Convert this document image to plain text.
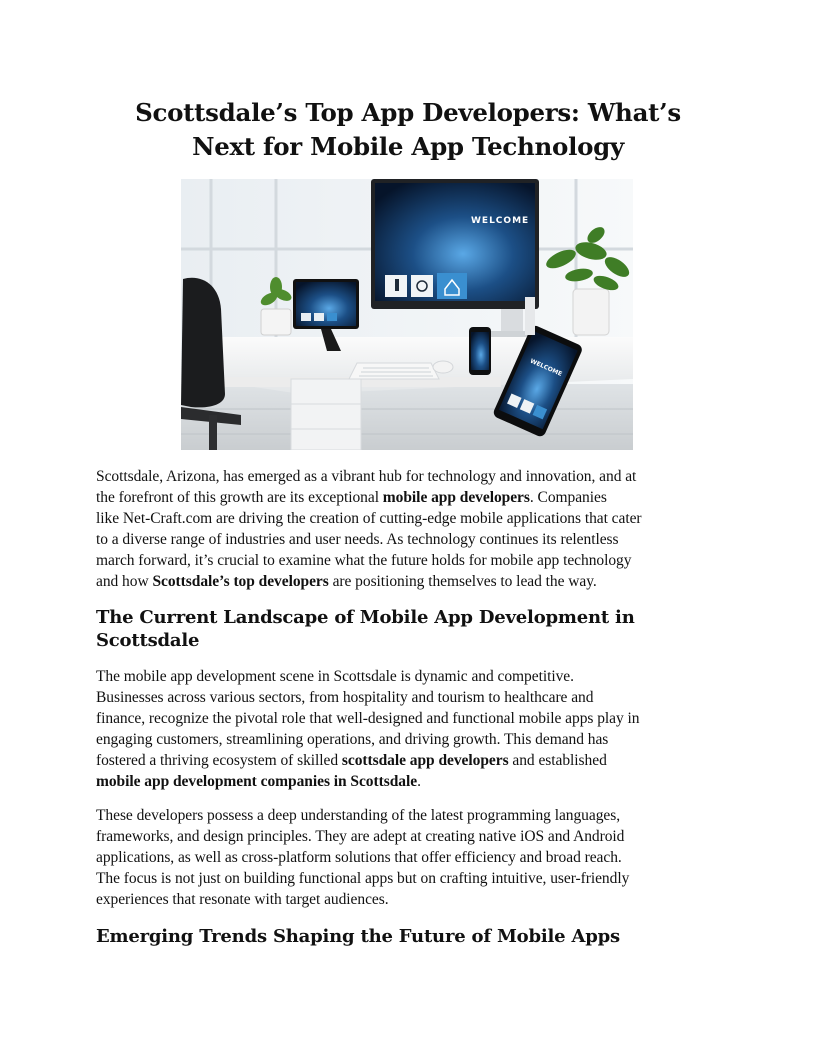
Scottsdale’s Top App Developers: What’s
Next for Mobile App Technology
WELCOME
WELCOME

Scottsdale, Arizona, has emerged as a vibrant hub for technology and innovation, and at
the forefront of this growth are its exceptional mobile app developers. Companies
like Net-Craft.com are driving the creation of cutting-edge mobile applications that cater
to a diverse range of industries and user needs. As technology continues its relentless
march forward, it’s crucial to examine what the future holds for mobile app technology
and how Scottsdale’s top developers are positioning themselves to lead the way.

The Current Landscape of Mobile App Development in
Scottsdale

The mobile app development scene in Scottsdale is dynamic and competitive.
Businesses across various sectors, from hospitality and tourism to healthcare and
finance, recognize the pivotal role that well-designed and functional mobile apps play in
engaging customers, streamlining operations, and driving growth. This demand has
fostered a thriving ecosystem of skilled scottsdale app developers and established
mobile app development companies in Scottsdale.

These developers possess a deep understanding of the latest programming languages,
frameworks, and design principles. They are adept at creating native iOS and Android
applications, as well as cross-platform solutions that offer efficiency and broad reach.
The focus is not just on building functional apps but on crafting intuitive, user-friendly
experiences that resonate with target audiences.

Emerging Trends Shaping the Future of Mobile Apps
